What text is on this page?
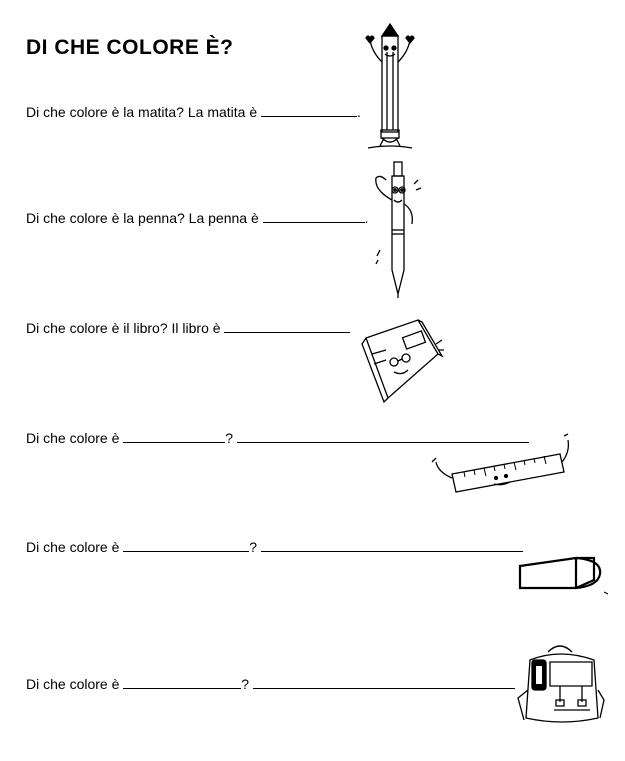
DI CHE COLORE È?
Di che colore è la matita? La matita è	.
Di che colore è la penna? La penna è	.
Di che colore è il libro? Il libro è
Di che colore è	?
Di che colore è	?
Di che colore è	?
